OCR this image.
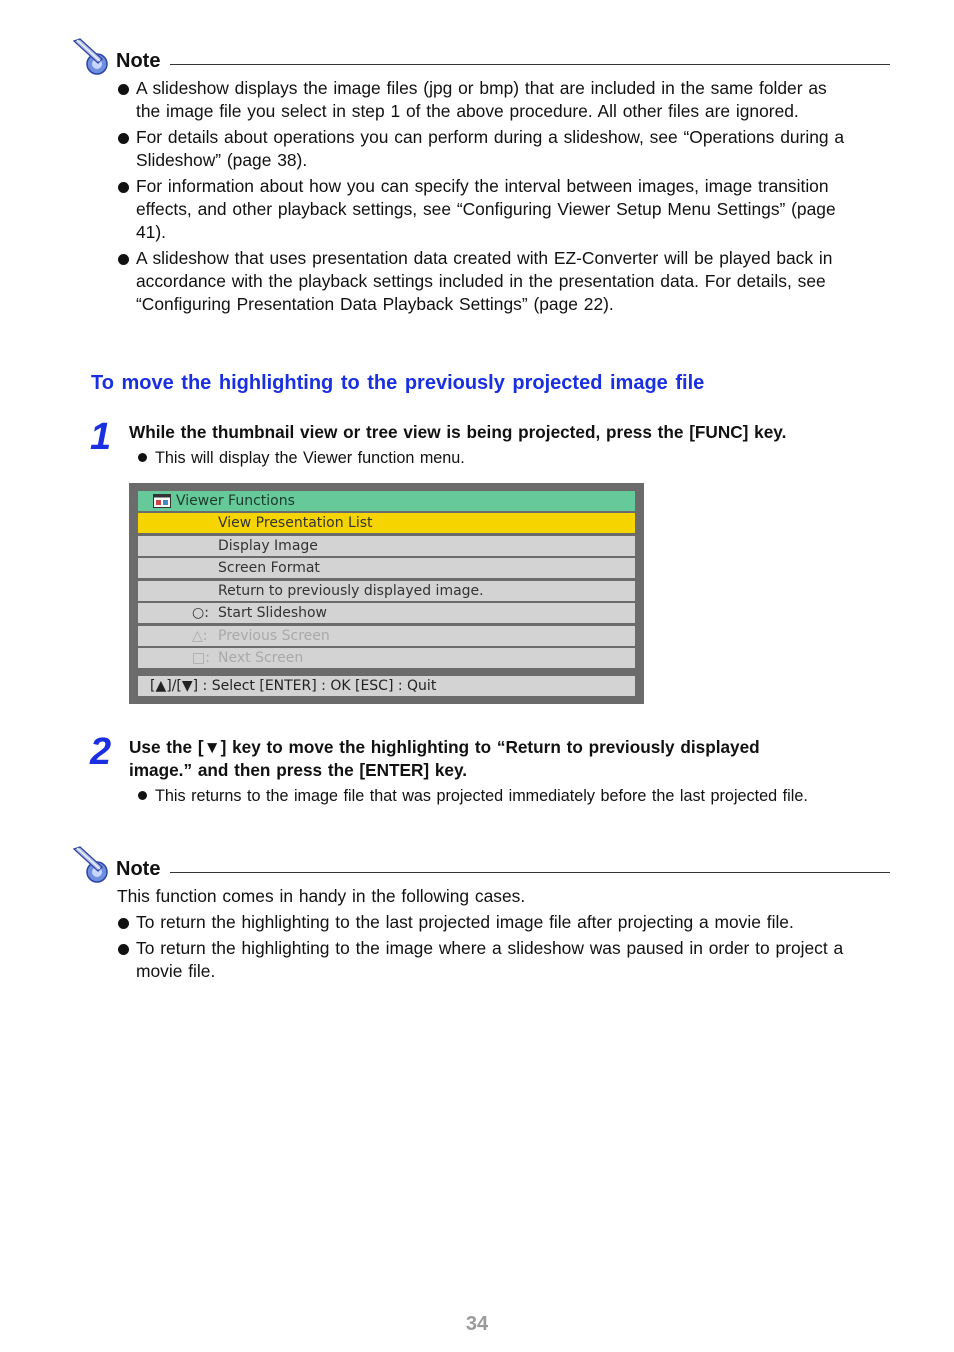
Note
A slideshow displays the image files (jpg or bmp) that are included in the same folder as the image file you select in step 1 of the above procedure. All other files are ignored.
For details about operations you can perform during a slideshow, see “Operations during a Slideshow” (page 38).
For information about how you can specify the interval between images, image transition effects, and other playback settings, see “Configuring Viewer Setup Menu Settings” (page 41).
A slideshow that uses presentation data created with EZ-Converter will be played back in accordance with the playback settings included in the presentation data. For details, see “Configuring Presentation Data Playback Settings” (page 22).
To move the highlighting to the previously projected image file
1 While the thumbnail view or tree view is being projected, press the [FUNC] key.
This will display the Viewer function menu.
Viewer Functions
View Presentation List
Display Image
Screen Format
Return to previously displayed image.
○: Start Slideshow
△: Previous Screen
□: Next Screen
[▲]/[▼] : Select [ENTER] : OK [ESC] : Quit
2 Use the [▼] key to move the highlighting to “Return to previously displayed
image.” and then press the [ENTER] key.
This returns to the image file that was projected immediately before the last projected file.
Note
This function comes in handy in the following cases.
To return the highlighting to the last projected image file after projecting a movie file.
To return the highlighting to the image where a slideshow was paused in order to project a movie file.
34
